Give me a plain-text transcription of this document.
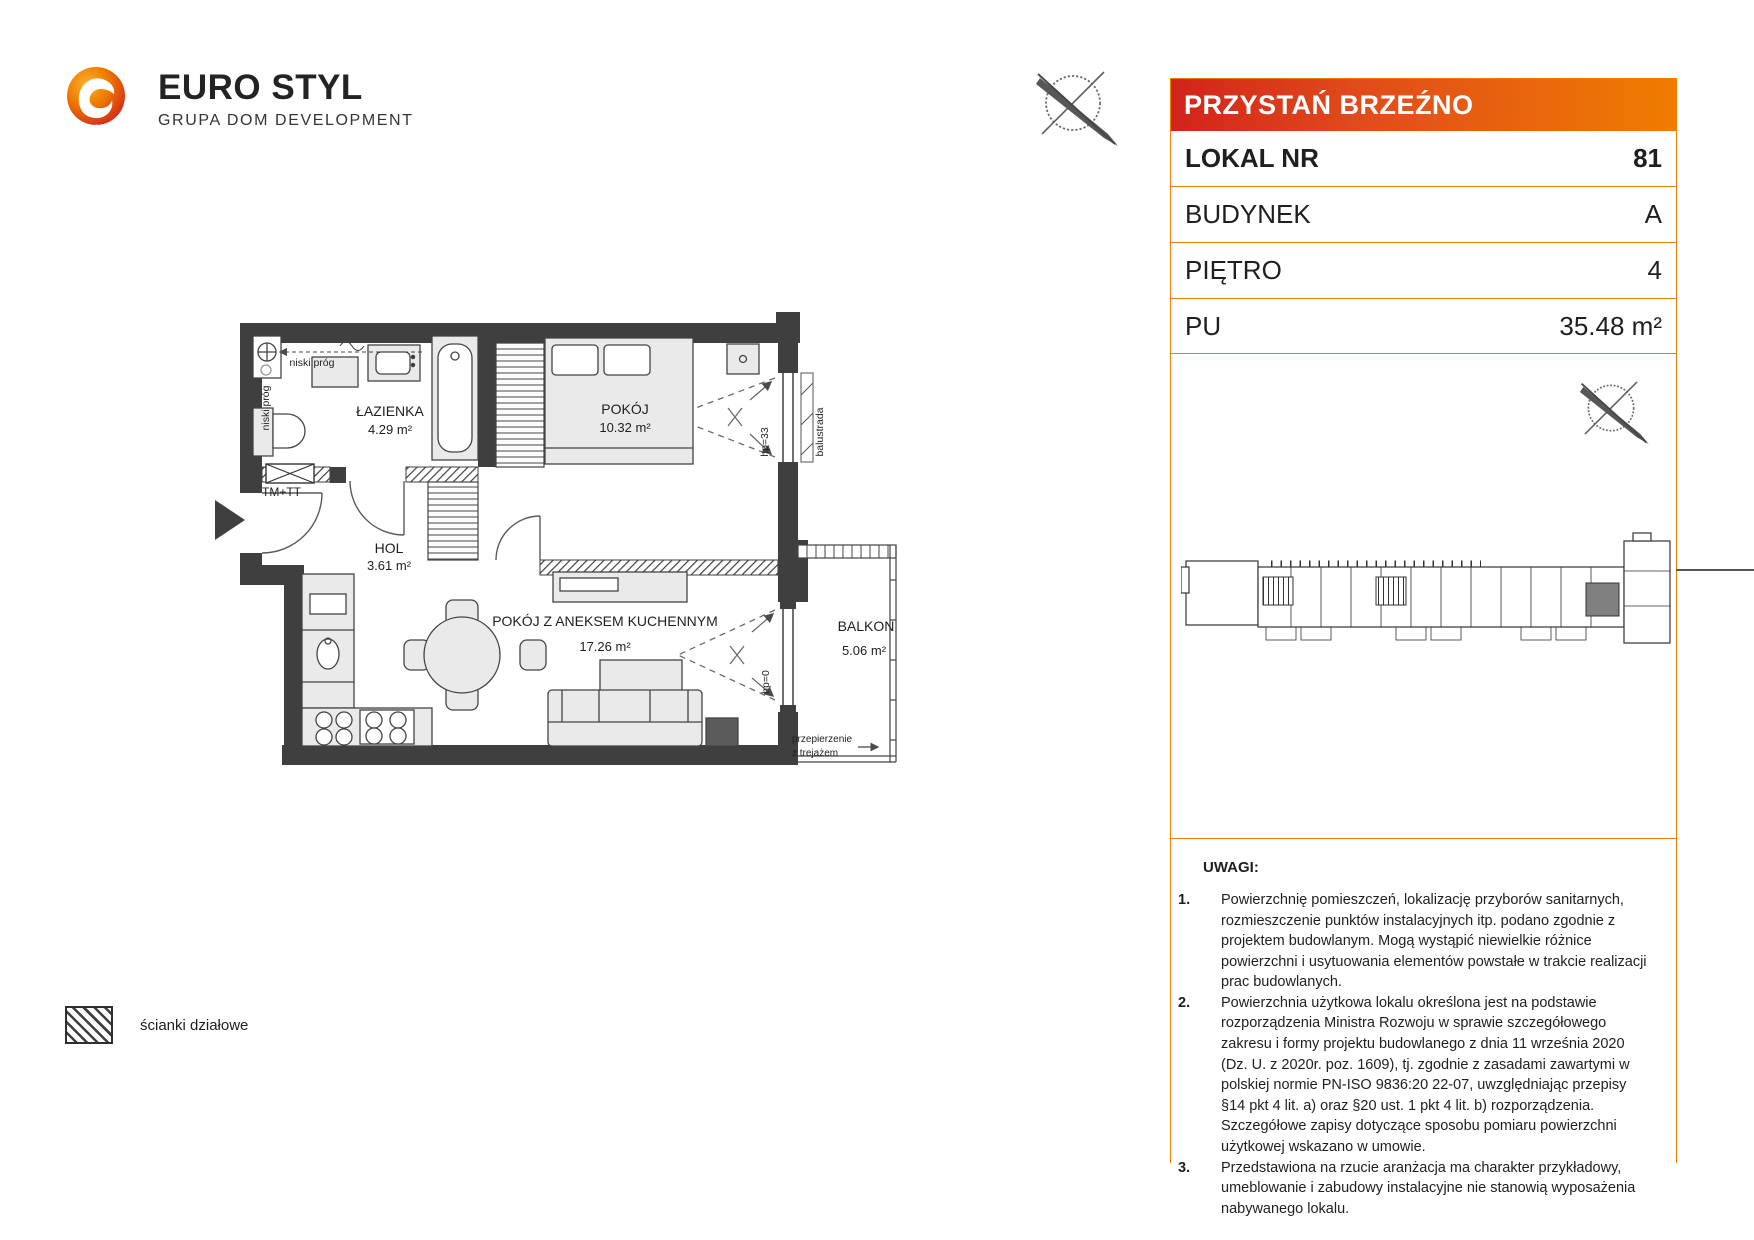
EURO STYL
GRUPA DOM DEVELOPMENT
PRZYSTAŃ BRZEŹNO
LOKAL NR	81
BUDYNEK	A
PIĘTRO	4
PU	35.48 m²
UWAGI:
1.	Powierzchnię pomieszczeń, lokalizację przyborów sanitarnych, rozmieszczenie punktów instalacyjnych itp. podano zgodnie z projektem budowlanym. Mogą wystąpić niewielkie różnice powierzchni i usytuowania elementów powstałe w trakcie realizacji prac budowlanych.
2.	Powierzchnia użytkowa lokalu określona jest na podstawie rozporządzenia Ministra Rozwoju w sprawie szczegółowego zakresu i formy projektu budowlanego z dnia 11 września 2020 (Dz. U. z 2020r. poz. 1609), tj. zgodnie z zasadami zawartymi w polskiej normie PN-ISO 9836:20 22-07, uwzględniając przepisy §14 pkt 4 lit. a) oraz §20 ust. 1 pkt 4 lit. b) rozporządzenia. Szczegółowe zapisy dotyczące sposobu pomiaru powierzchni użytkowej wskazano w umowie.
3.	Przedstawiona na rzucie aranżacja ma charakter przykładowy, umeblowanie i zabudowy instalacyjne nie stanowią wyposażenia nabywanego lokalu.
ŁAZIENKA
4.29 m²
POKÓJ
10.32 m²
HOL
3.61 m²
POKÓJ Z ANEKSEM KUCHENNYM
17.26 m²
BALKON
5.06 m²
niski próg
niski próg
TM+TT
hp=33
hp=0
balustrada
przepierzenie
z trejażem
ścianki działowe
